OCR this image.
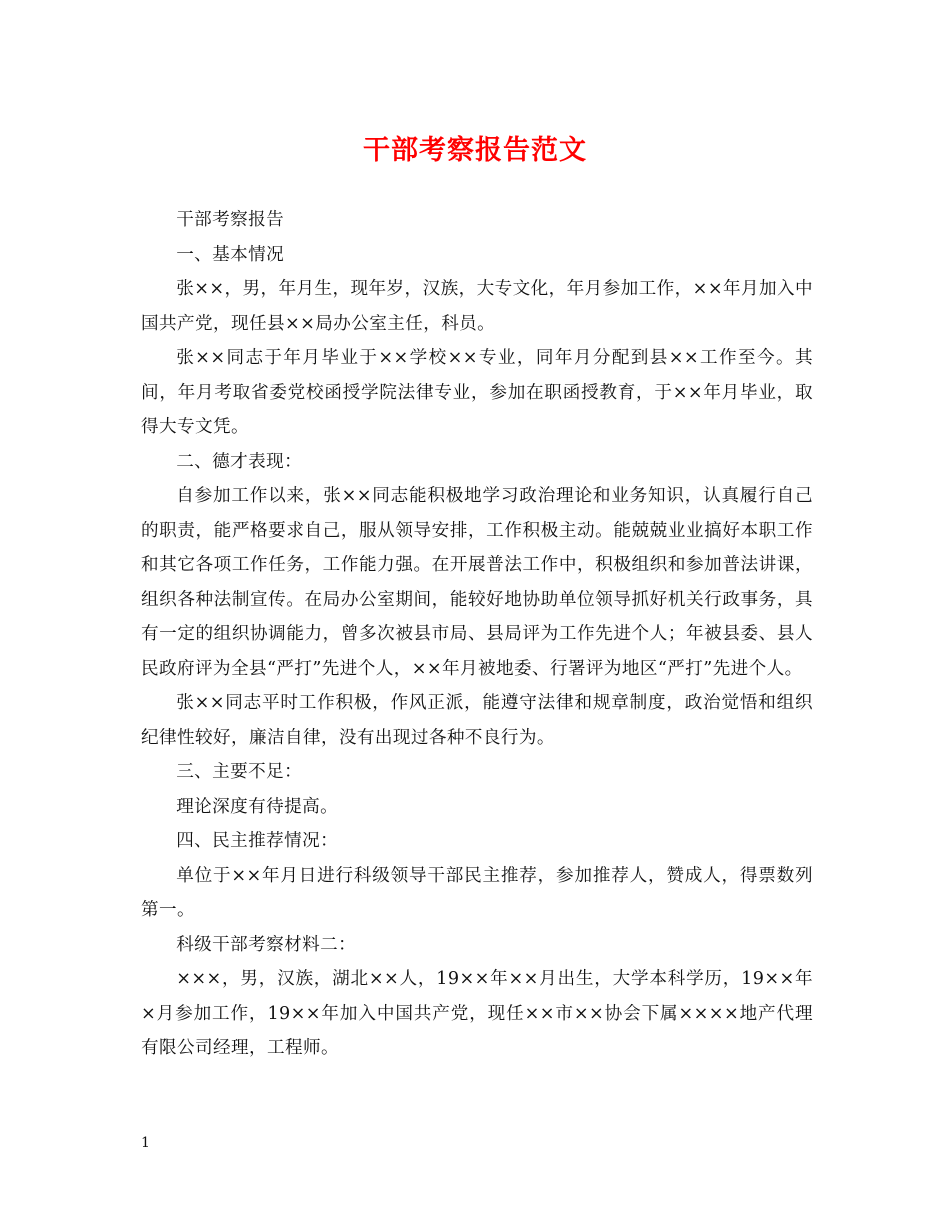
干部考察报告范文

干部考察报告

一、基本情况

张××，男，年月生，现年岁，汉族，大专文化，年月参加工作，××年月加入中国共产党，现任县××局办公室主任，科员。

张××同志于年月毕业于××学校××专业，同年月分配到县××工作至今。其间，年月考取省委党校函授学院法律专业，参加在职函授教育，于××年月毕业，取得大专文凭。

二、德才表现：

自参加工作以来，张××同志能积极地学习政治理论和业务知识，认真履行自己的职责，能严格要求自己，服从领导安排，工作积极主动。能兢兢业业搞好本职工作和其它各项工作任务，工作能力强。在开展普法工作中，积极组织和参加普法讲课，组织各种法制宣传。在局办公室期间，能较好地协助单位领导抓好机关行政事务，具有一定的组织协调能力，曾多次被县市局、县局评为工作先进个人；年被县委、县人民政府评为全县“严打”先进个人，××年月被地委、行署评为地区“严打”先进个人。

张××同志平时工作积极，作风正派，能遵守法律和规章制度，政治觉悟和组织纪律性较好，廉洁自律，没有出现过各种不良行为。

三、主要不足：

理论深度有待提高。

四、民主推荐情况：

单位于××年月日进行科级领导干部民主推荐，参加推荐人，赞成人，得票数列第一。

科级干部考察材料二：

×××，男，汉族，湖北××人，19××年××月出生，大学本科学历，19××年×月参加工作，19××年加入中国共产党，现任××市××协会下属××××地产代理有限公司经理，工程师。

1
